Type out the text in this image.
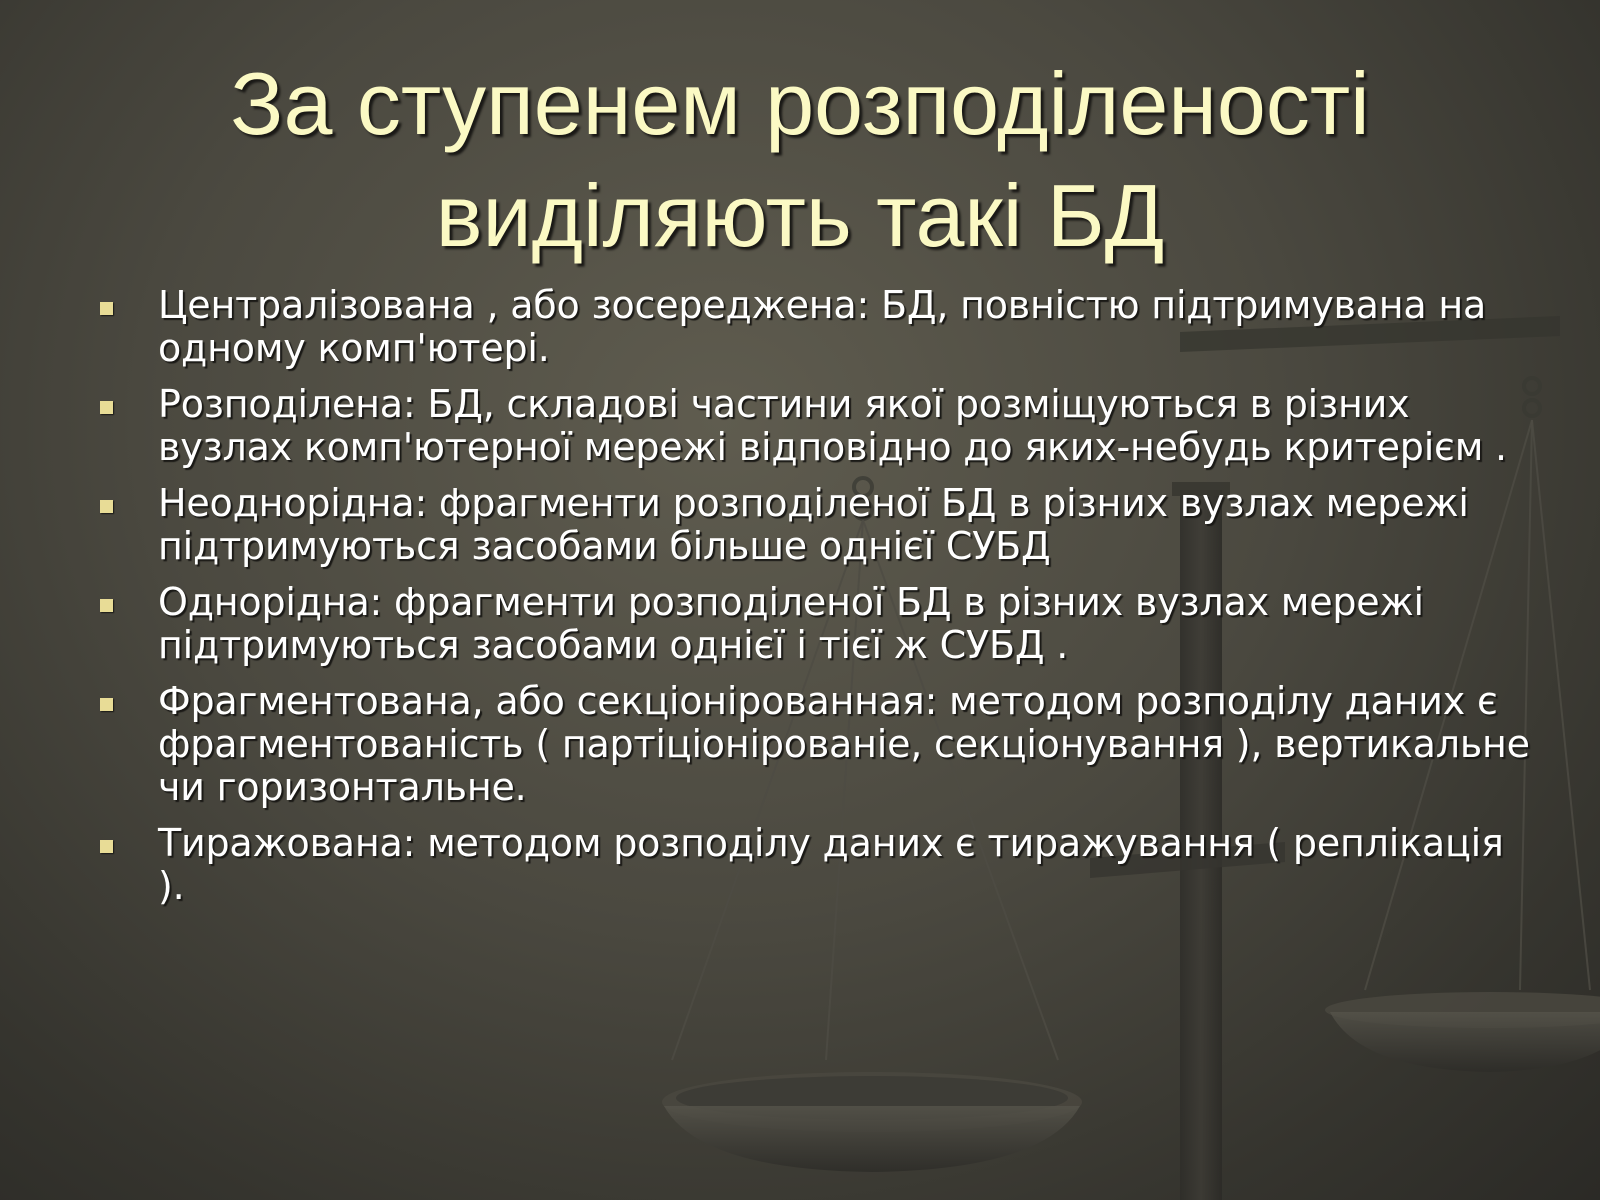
За ступенем розподіленості
виділяють такі БД
Централізована , або зосереджена: БД, повністю підтримувана на одному комп'ютері.
Розподілена: БД, складові частини якої розміщуються в різних вузлах комп'ютерної мережі відповідно до яких-небудь критерієм .
Неоднорідна: фрагменти розподіленої БД в різних вузлах мережі підтримуються засобами більше однієї СУБД
Однорідна: фрагменти розподіленої БД в різних вузлах мережі підтримуються засобами однієї і тієї ж СУБД .
Фрагментована, або секціонірованная: методом розподілу даних є фрагментованість ( партіціонірованіе, секціонування ), вертикальне чи горизонтальне.
Тиражована: методом розподілу даних є тиражування ( реплікація ).
